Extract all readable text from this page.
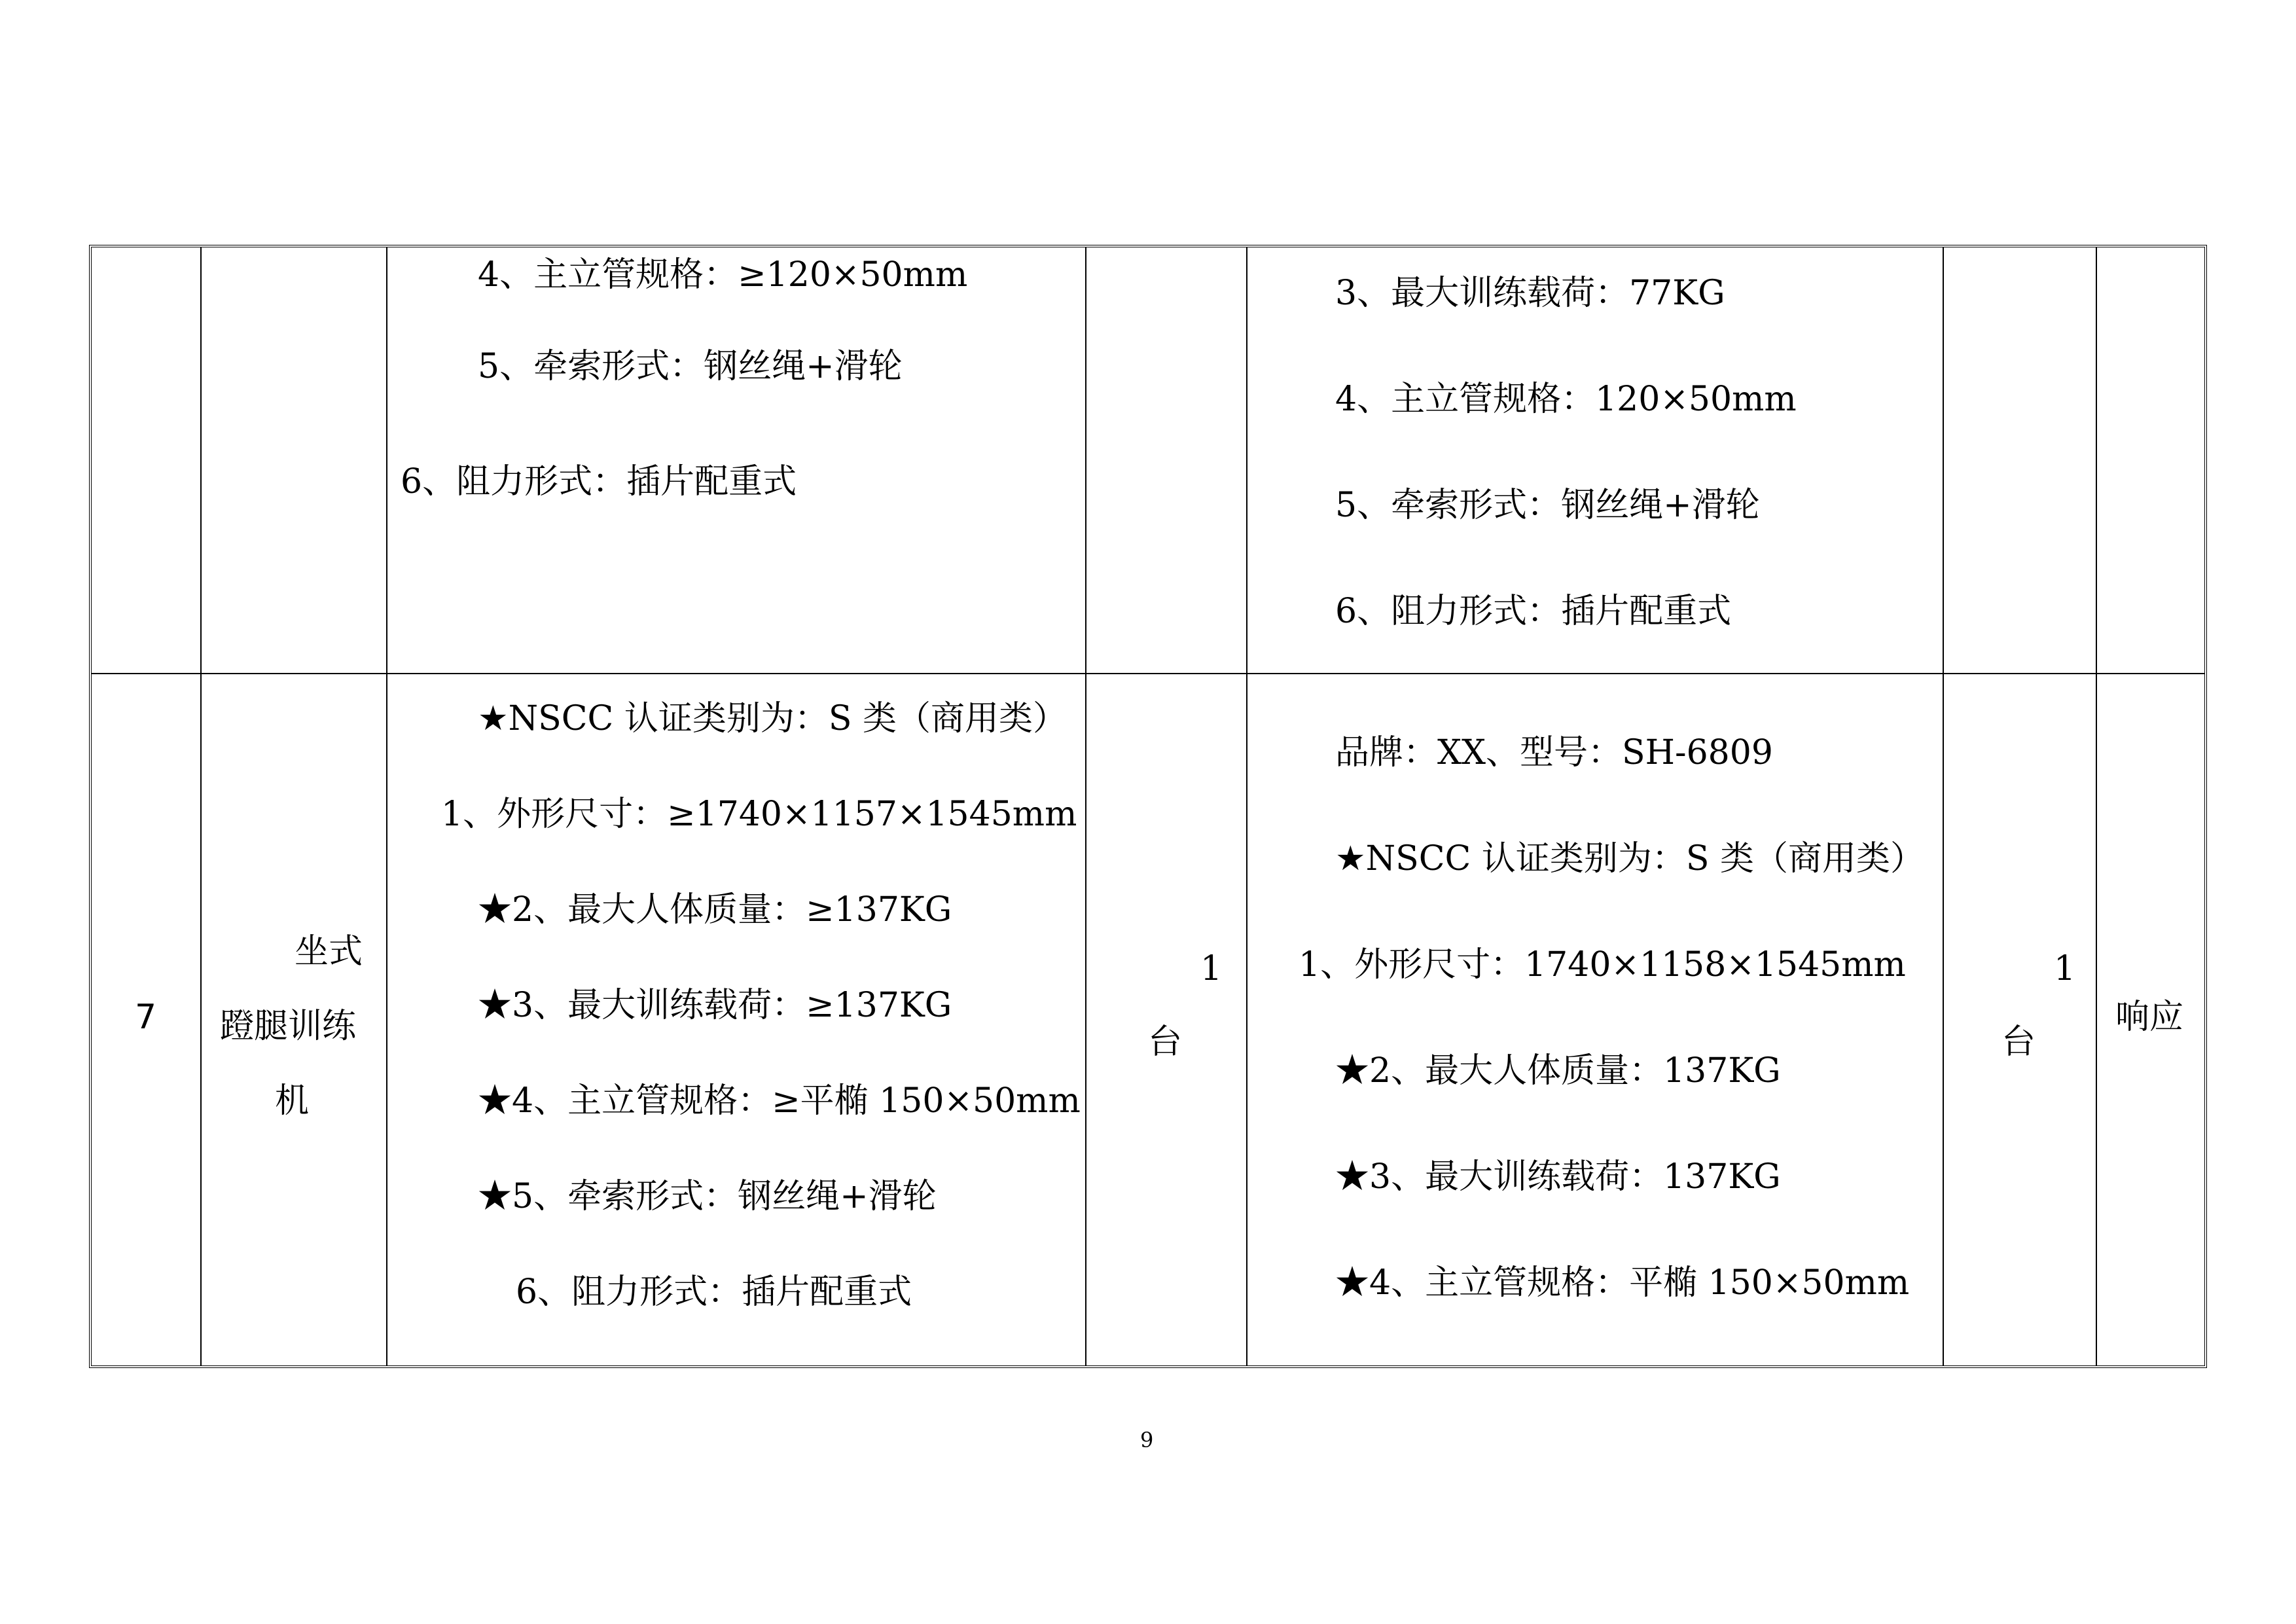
4、主立管规格：≥120×50mm
5、牵索形式：钢丝绳+滑轮
6、阻力形式：插片配重式
3、最大训练载荷：77KG
4、主立管规格：120×50mm
5、牵索形式：钢丝绳+滑轮
6、阻力形式：插片配重式
7
坐式
蹬腿训练
机
★NSCC 认证类别为：S 类（商用类）
1、外形尺寸：≥1740×1157×1545mm
★2、最大人体质量：≥137KG
★3、最大训练载荷：≥137KG
★4、主立管规格：≥平椭 150×50mm
★5、牵索形式：钢丝绳+滑轮
6、阻力形式：插片配重式
1
台
品牌：XX、型号：SH-6809
★NSCC 认证类别为：S 类（商用类）
1、外形尺寸：1740×1158×1545mm
★2、最大人体质量：137KG
★3、最大训练载荷：137KG
★4、主立管规格：平椭 150×50mm
1
台
响应
9
